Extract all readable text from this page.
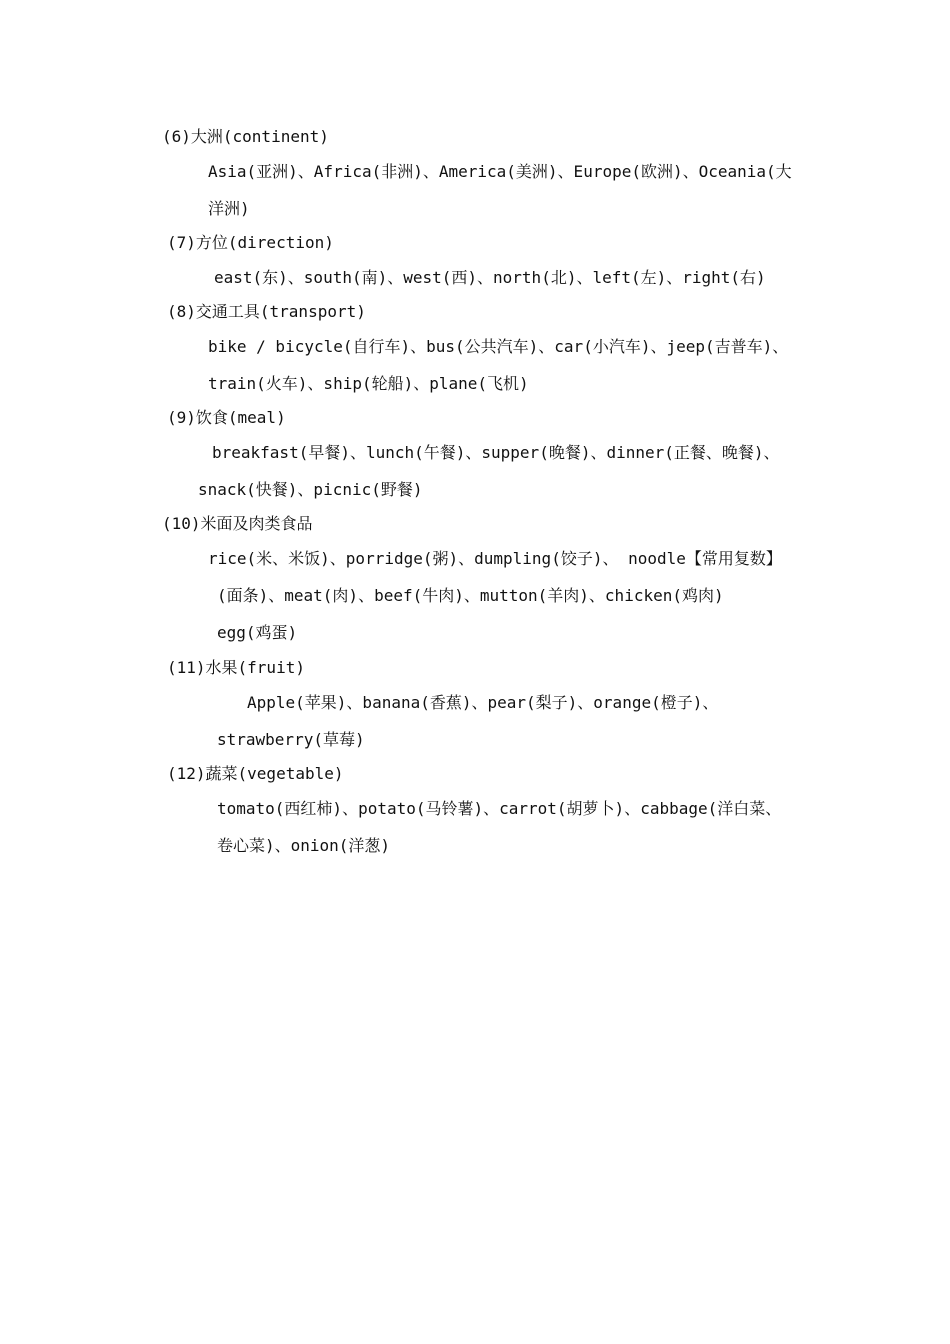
(6)大洲(continent)
Asia(亚洲)、Africa(非洲)、America(美洲)、Europe(欧洲)、Oceania(大
洋洲)
(7)方位(direction)
east(东)、south(南)、west(西)、north(北)、left(左)、right(右)
(8)交通工具(transport)
bike / bicycle(自行车)、bus(公共汽车)、car(小汽车)、jeep(吉普车)、
train(火车)、ship(轮船)、plane(飞机)
(9)饮食(meal)
breakfast(早餐)、lunch(午餐)、supper(晚餐)、dinner(正餐、晚餐)、
snack(快餐)、picnic(野餐)
(10)米面及肉类食品
rice(米、米饭)、porridge(粥)、dumpling(饺子)、 noodle【常用复数】
(面条)、meat(肉)、beef(牛肉)、mutton(羊肉)、chicken(鸡肉)
egg(鸡蛋)
(11)水果(fruit)
Apple(苹果)、banana(香蕉)、pear(梨子)、orange(橙子)、
strawberry(草莓)
(12)蔬菜(vegetable)
tomato(西红柿)、potato(马铃薯)、carrot(胡萝卜)、cabbage(洋白菜、
卷心菜)、onion(洋葱)
